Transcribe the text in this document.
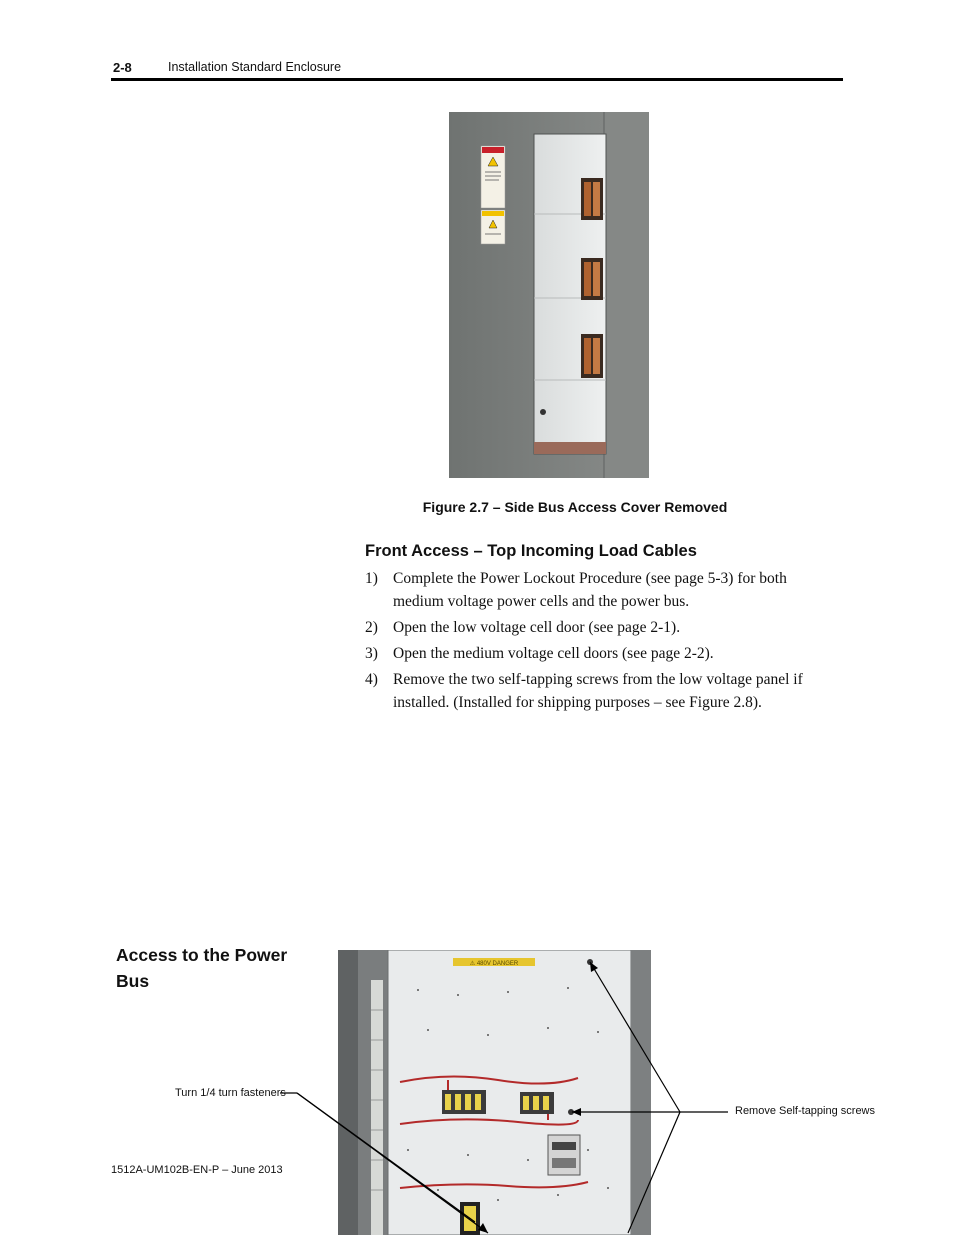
2-8	Installation Standard Enclosure
Figure 2.7 – Side Bus Access Cover Removed
Front Access – Top Incoming Load Cables
1) Complete the Power Lockout Procedure (see page 5-3) for both medium voltage power cells and the power bus.
2) Open the low voltage cell door (see page 2-1).
3) Open the medium voltage cell doors (see page 2-2).
4) Remove the two self-tapping screws from the low voltage panel if installed. (Installed for shipping purposes – see Figure 2.8).
Access to the Power Bus
⚠ 480V DANGER
Turn 1/4 turn fasteners
Remove Self-tapping screws
1512A-UM102B-EN-P – June 2013
